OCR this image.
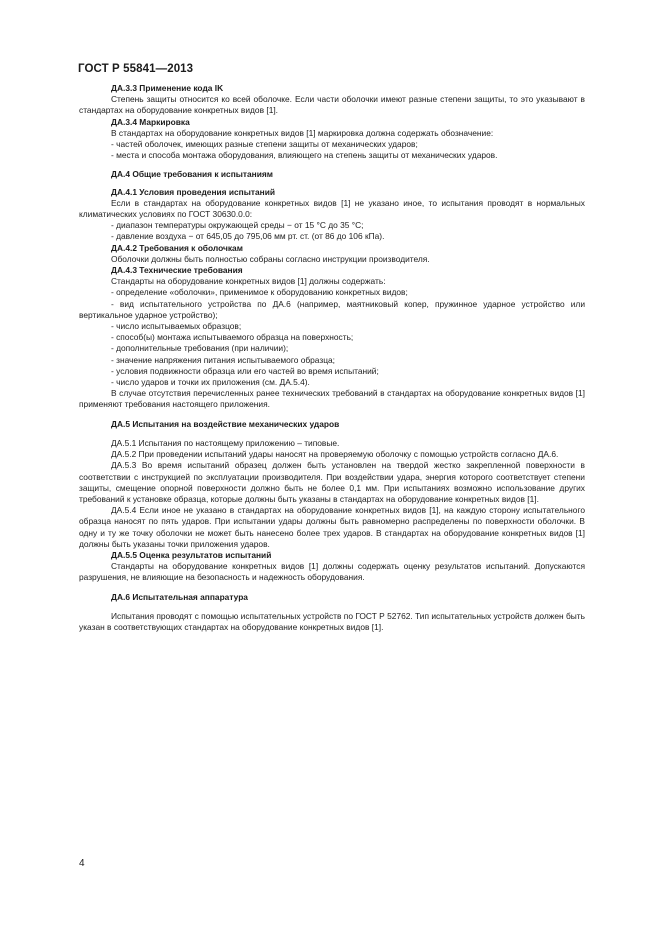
ГОСТ Р 55841—2013

ДА.3.3 Применение кода IK

Степень защиты относится ко всей оболочке. Если части оболочки имеют разные степени защиты, то это указывают в стандартах на оборудование конкретных видов [1].

ДА.3.4 Маркировка

В стандартах на оборудование конкретных видов [1] маркировка должна содержать обозначение:

- частей оболочек, имеющих разные степени защиты от механических ударов;

- места и способа монтажа оборудования, влияющего на степень защиты от механических ударов.

ДА.4 Общие требования к испытаниям

ДА.4.1 Условия проведения испытаний

Если в стандартах на оборудование конкретных видов [1] не указано иное, то испытания проводят в нормальных климатических условиях по ГОСТ 30630.0.0:

- диапазон температуры окружающей среды − от 15 °С до 35 °С;

- давление воздуха − от 645,05 до 795,06 мм рт. ст. (от 86 до 106 кПа).

ДА.4.2 Требования к оболочкам

Оболочки должны быть полностью собраны согласно инструкции производителя.

ДА.4.3 Технические требования

Стандарты на оборудование конкретных видов [1] должны содержать:

- определение «оболочки», применимое к оборудованию конкретных видов;

- вид испытательного устройства по ДА.6 (например, маятниковый копер, пружинное ударное устройство или вертикальное ударное устройство);

- число испытываемых образцов;

- способ(ы) монтажа испытываемого образца на поверхность;

- дополнительные требования (при наличии);

- значение напряжения питания испытываемого образца;

- условия подвижности образца или его частей во время испытаний;

- число ударов и точки их приложения (см. ДА.5.4).

В случае отсутствия перечисленных ранее технических требований в стандартах на оборудование конкретных видов [1] применяют требования настоящего приложения.

ДА.5 Испытания на воздействие механических ударов

ДА.5.1 Испытания по настоящему приложению – типовые.

ДА.5.2 При проведении испытаний удары наносят на проверяемую оболочку с помощью устройств согласно ДА.6.

ДА.5.3 Во время испытаний образец должен быть установлен на твердой жестко закрепленной поверхности в соответствии с инструкцией по эксплуатации производителя. При воздействии удара, энергия которого соответствует степени защиты, смещение опорной поверхности должно быть не более 0,1 мм. При испытаниях возможно использование других требований к установке образца, которые должны быть указаны в стандартах на оборудование конкретных видов [1].

ДА.5.4 Если иное не указано в стандартах на оборудование конкретных видов [1], на каждую сторону испытательного образца наносят по пять ударов. При испытании удары должны быть равномерно распределены по поверхности оболочки. В одну и ту же точку оболочки не может быть нанесено более трех ударов. В стандартах на оборудование конкретных видов [1] должны быть указаны точки приложения ударов.

ДА.5.5 Оценка результатов испытаний

Стандарты на оборудование конкретных видов [1] должны содержать оценку результатов испытаний. Допускаются разрушения, не влияющие на безопасность и надежность оборудования.

ДА.6 Испытательная аппаратура

Испытания проводят с помощью испытательных устройств по ГОСТ Р 52762. Тип испытательных устройств должен быть указан в соответствующих стандартах на оборудование конкретных видов [1].

4
